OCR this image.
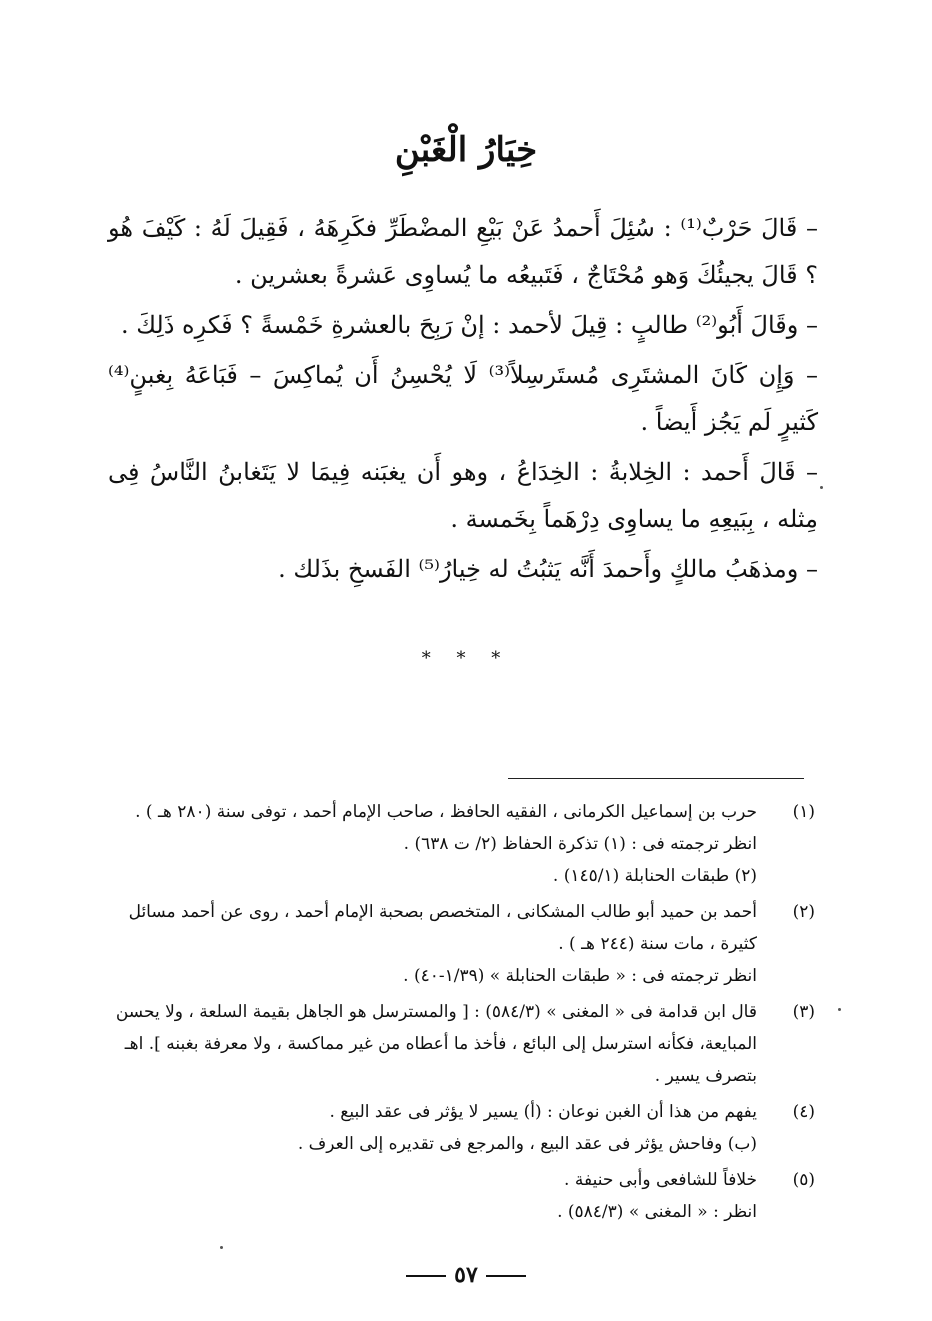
خِيَارُ الْغَبْنِ

– قَالَ حَرْبٌ⁽¹⁾ : سُئِلَ أَحمدُ عَنْ بَيْعِ المضْطَرِّ فكَرِهَهُ ، فَقِيلَ لَهُ : كَيْفَ هُو ؟ قَالَ يجيئُكَ وَهو مُحْتَاجٌ ، فَتَبيعُه ما يُساوِى عَشرةً بعشرين .

– وقَالَ أَبُو⁽²⁾ طالبٍ : قِيلَ لأحمد : إنْ رَبِحَ بالعشرةِ خَمْسةً ؟ فَكرِه ذَلِكَ .

– وَإِن كَانَ المشتَرِى مُستَرسِلاً⁽³⁾ لَا يُحْسِنُ أَن يُماكِسَ – فَبَاعَهُ بِغبنٍ⁽⁴⁾ كَثيرٍ لَم يَجُز أَيضاً .

– قَالَ أَحمد : الخِلابةُ : الخِدَاعُ ، وهو أَن يغبَنه فِيمَا لا يَتَغابنُ النَّاسُ فِى مِثله ، بِبَيعِهِ ما يساوِى دِرْهَماً بِخَمسة .

– ومذهَبُ مالكٍ وأَحمدَ أَنَّه يَثبُتُ له خِيارُ⁽⁵⁾ الفَسخِ بذَلك .

* * *
(١)
حرب بن إسماعيل الكرمانى ، الفقيه الحافظ ، صاحب الإمام أحمد ، توفى سنة (٢٨٠ هـ ) .
انظر ترجمته فى : (١) تذكرة الحفاظ (٢/ ت ٦٣٨) .
(٢) طبقات الحنابلة (١٤٥/١) .
(٢)
أحمد بن حميد أبو طالب المشكانى ، المتخصص بصحبة الإمام أحمد ، روى عن أحمد مسائل كثيرة ، مات سنة (٢٤٤ هـ ) .
انظر ترجمته فى : « طبقات الحنابلة » (١/٣٩-٤٠) .
(٣)
قال ابن قدامة فى « المغنى » (٥٨٤/٣) : [ والمسترسل هو الجاهل بقيمة السلعة ، ولا يحسن المبايعة، فكأنه استرسل إلى البائع ، فأخذ ما أعطاه من غير مماكسة ، ولا معرفة بغبنه ]. اهـ بتصرف يسير .
(٤)
يفهم من هذا أن الغبن نوعان : (أ) يسير لا يؤثر فى عقد البيع .
(ب) وفاحش يؤثر فى عقد البيع ، والمرجع فى تقديره إلى العرف .
(٥)
خلافاً للشافعى وأبى حنيفة .
انظر : « المغنى » (٥٨٤/٣) .
٥٧
